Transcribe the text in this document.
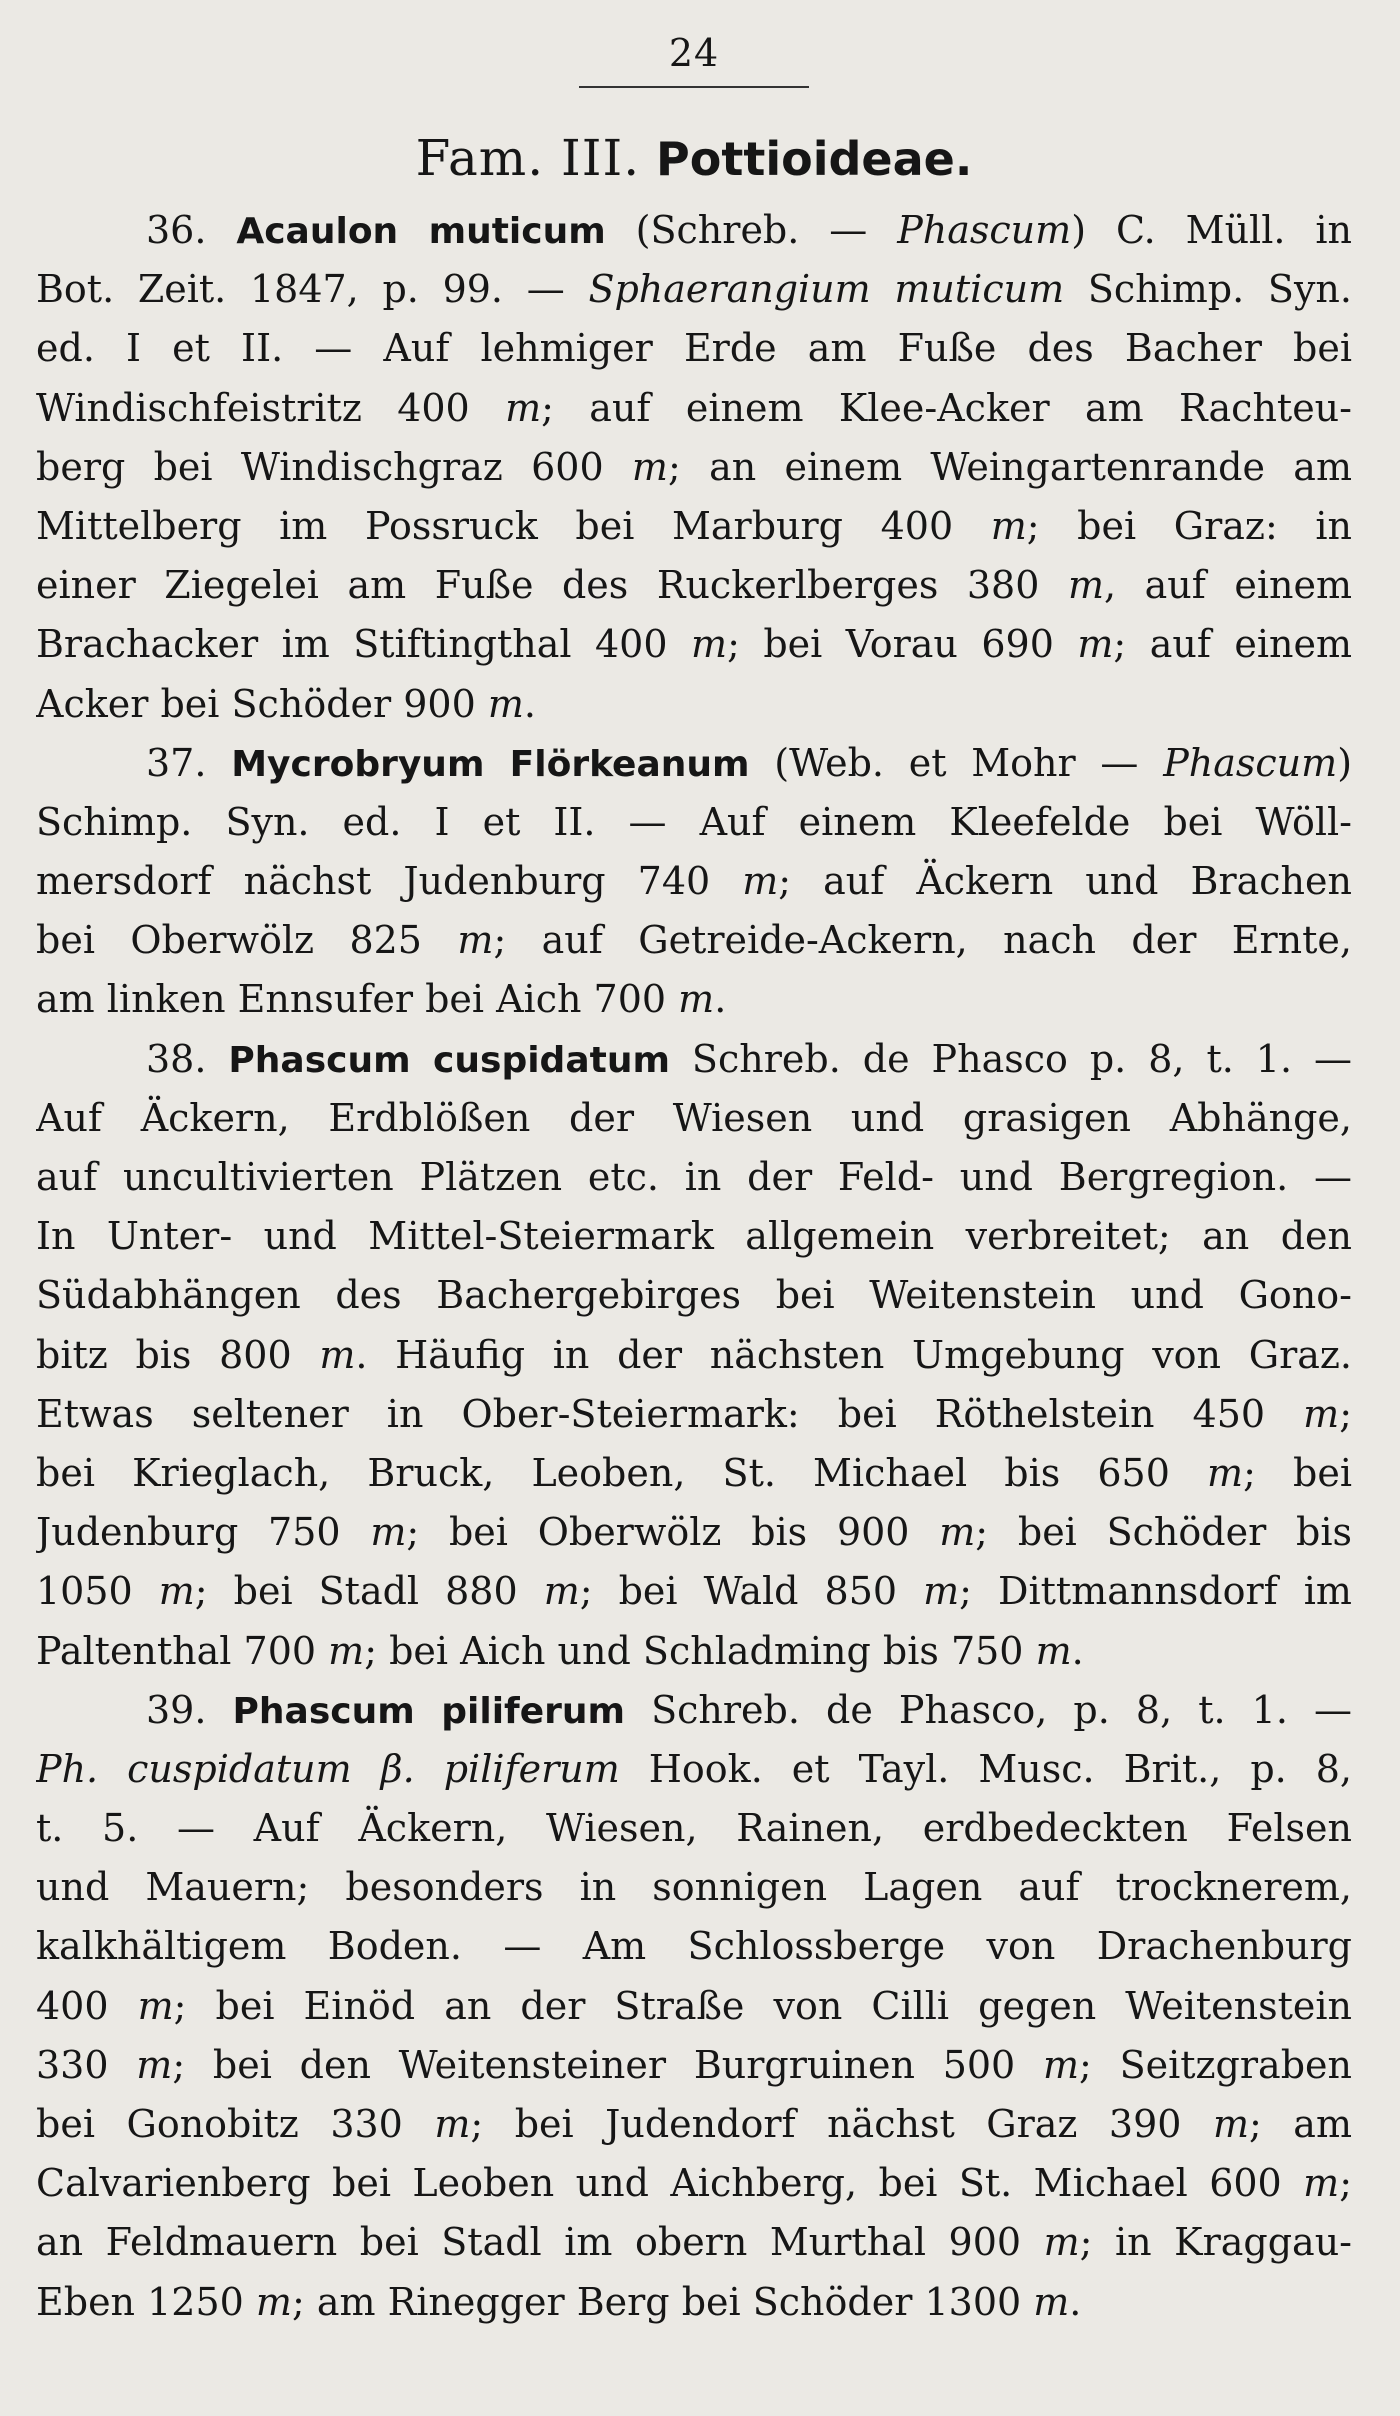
24
Fam. III. Pottioideae.
36. Acaulon muticum (Schreb. — Phascum) C. Müll. in
Bot. Zeit. 1847, p. 99. — Sphaerangium muticum Schimp. Syn.
ed. I et II. — Auf lehmiger Erde am Fuße des Bacher bei
Windischfeistritz 400 m; auf einem Klee-Acker am Rachteu-
berg bei Windischgraz 600 m; an einem Weingartenrande am
Mittelberg im Possruck bei Marburg 400 m; bei Graz: in
einer Ziegelei am Fuße des Ruckerlberges 380 m, auf einem
Brachacker im Stiftingthal 400 m; bei Vorau 690 m; auf einem
Acker bei Schöder 900 m.
37. Mycrobryum Flörkeanum (Web. et Mohr — Phascum)
Schimp. Syn. ed. I et II. — Auf einem Kleefelde bei Wöll-
mersdorf nächst Judenburg 740 m; auf Äckern und Brachen
bei Oberwölz 825 m; auf Getreide-Ackern, nach der Ernte,
am linken Ennsufer bei Aich 700 m.
38. Phascum cuspidatum Schreb. de Phasco p. 8, t. 1. —
Auf Äckern, Erdblößen der Wiesen und grasigen Abhänge,
auf uncultivierten Plätzen etc. in der Feld- und Bergregion. —
In Unter- und Mittel-Steiermark allgemein verbreitet; an den
Südabhängen des Bachergebirges bei Weitenstein und Gono-
bitz bis 800 m. Häufig in der nächsten Umgebung von Graz.
Etwas seltener in Ober-Steiermark: bei Röthelstein 450 m;
bei Krieglach, Bruck, Leoben, St. Michael bis 650 m; bei
Judenburg 750 m; bei Oberwölz bis 900 m; bei Schöder bis
1050 m; bei Stadl 880 m; bei Wald 850 m; Dittmannsdorf im
Paltenthal 700 m; bei Aich und Schladming bis 750 m.
39. Phascum piliferum Schreb. de Phasco, p. 8, t. 1. —
Ph. cuspidatum β. piliferum Hook. et Tayl. Musc. Brit., p. 8,
t. 5. — Auf Äckern, Wiesen, Rainen, erdbedeckten Felsen
und Mauern; besonders in sonnigen Lagen auf trocknerem,
kalkhältigem Boden. — Am Schlossberge von Drachenburg
400 m; bei Einöd an der Straße von Cilli gegen Weitenstein
330 m; bei den Weitensteiner Burgruinen 500 m; Seitzgraben
bei Gonobitz 330 m; bei Judendorf nächst Graz 390 m; am
Calvarienberg bei Leoben und Aichberg, bei St. Michael 600 m;
an Feldmauern bei Stadl im obern Murthal 900 m; in Kraggau-
Eben 1250 m; am Rinegger Berg bei Schöder 1300 m.
